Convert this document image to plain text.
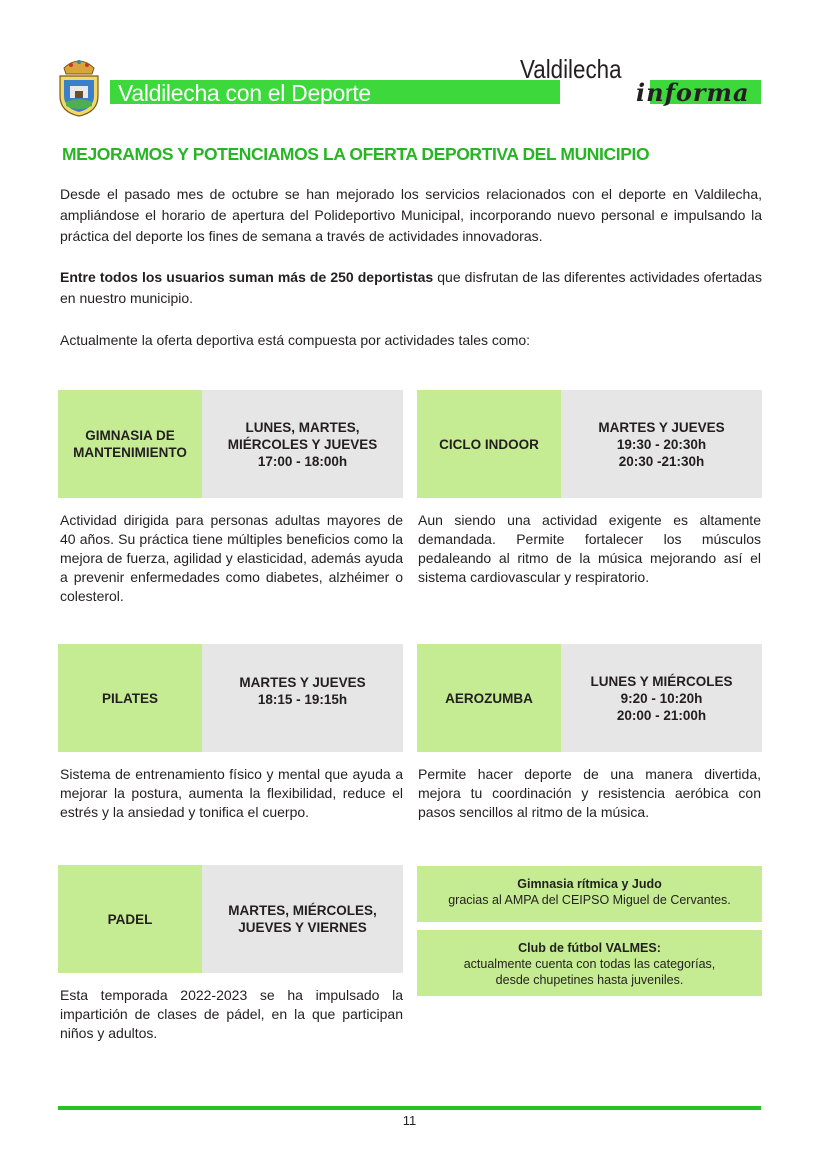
Valdilecha con el Deporte
Valdilecha
informa
MEJORAMOS Y POTENCIAMOS LA OFERTA DEPORTIVA DEL MUNICIPIO
Desde el pasado mes de octubre se han mejorado los servicios relacionados con el deporte en Valdilecha, ampliándose el horario de apertura del Polideportivo Municipal, incorporando nuevo personal e impulsando la práctica del deporte los fines de semana a través de actividades innovadoras.
Entre todos los usuarios suman más de 250 deportistas que disfrutan de las diferentes actividades ofertadas en nuestro municipio.
Actualmente la oferta deportiva está compuesta por actividades tales como:
GIMNASIA DE MANTENIMIENTO
LUNES, MARTES,
MIÉRCOLES Y JUEVES
17:00 - 18:00h
Actividad dirigida para personas adultas mayores de 40 años. Su práctica tiene múltiples beneficios como la mejora de fuerza, agilidad y elasticidad, además ayuda a prevenir enfermedades como diabetes, alzhéimer o colesterol.
CICLO INDOOR
MARTES Y JUEVES
19:30 - 20:30h
20:30 -21:30h
Aun siendo una actividad exigente es altamente demandada. Permite fortalecer los músculos pedaleando al ritmo de la música mejorando así el sistema cardiovascular y respiratorio.
PILATES
MARTES Y JUEVES
18:15 - 19:15h
Sistema de entrenamiento físico y mental que ayuda a mejorar la postura, aumenta la flexibilidad, reduce el estrés y la ansiedad y tonifica el cuerpo.
AEROZUMBA
LUNES Y MIÉRCOLES
9:20 - 10:20h
20:00 - 21:00h
Permite hacer deporte de una manera divertida, mejora tu coordinación y resistencia aeróbica con pasos sencillos al ritmo de la música.
PADEL
MARTES, MIÉRCOLES,
JUEVES Y VIERNES
Esta temporada 2022-2023 se ha impulsado la impartición de clases de pádel, en la que participan niños y adultos.
Gimnasia rítmica y Judo
gracias al AMPA del CEIPSO Miguel de Cervantes.
Club de fútbol VALMES:
actualmente cuenta con todas las categorías,
desde chupetines hasta juveniles.
11
